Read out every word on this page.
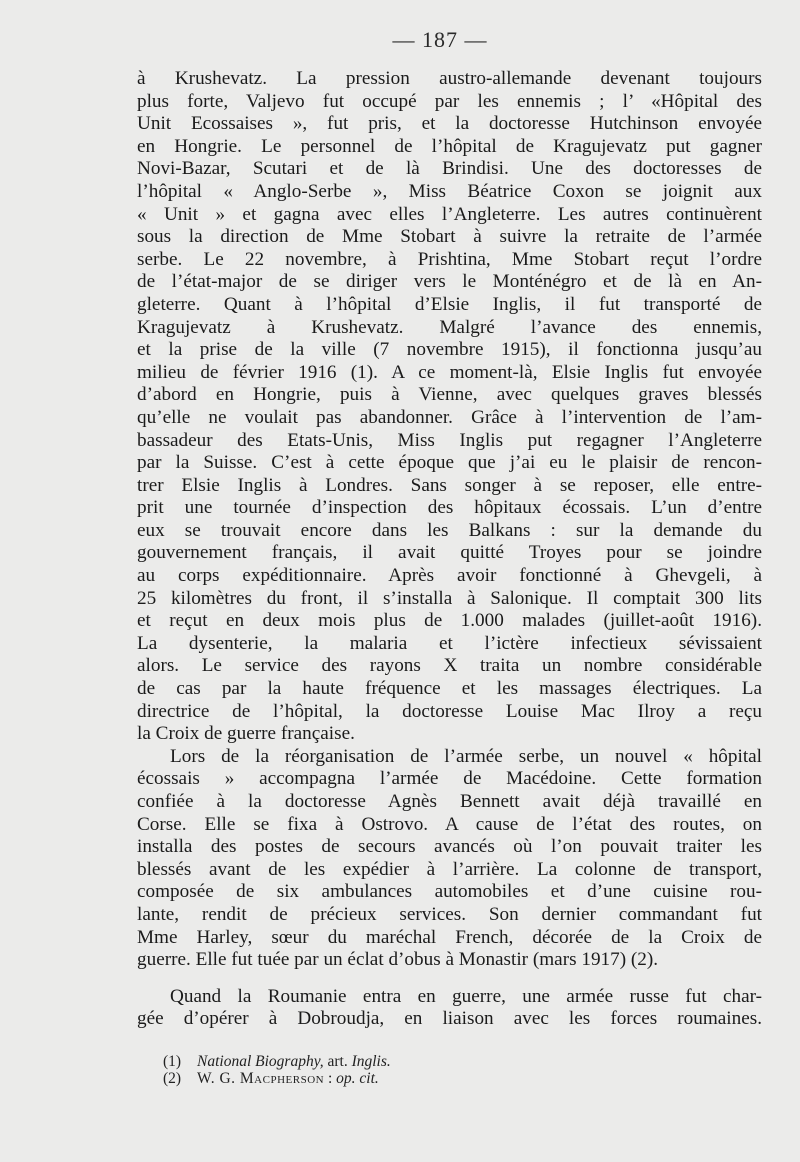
— 187 —
à Krushevatz. La pression austro-allemande devenant toujours
plus forte, Valjevo fut occupé par les ennemis ; l’ «Hôpital des
Unit Ecossaises », fut pris, et la doctoresse Hutchinson envoyée
en Hongrie. Le personnel de l’hôpital de Kragujevatz put gagner
Novi-Bazar, Scutari et de là Brindisi. Une des doctoresses de
l’hôpital « Anglo-Serbe », Miss Béatrice Coxon se joignit aux
« Unit » et gagna avec elles l’Angleterre. Les autres continuèrent
sous la direction de Mme Stobart à suivre la retraite de l’armée
serbe. Le 22 novembre, à Prishtina, Mme Stobart reçut l’ordre
de l’état-major de se diriger vers le Monténégro et de là en An-
gleterre. Quant à l’hôpital d’Elsie Inglis, il fut transporté de
Kragujevatz à Krushevatz. Malgré l’avance des ennemis,
et la prise de la ville (7 novembre 1915), il fonctionna jusqu’au
milieu de février 1916 (1). A ce moment-là, Elsie Inglis fut envoyée
d’abord en Hongrie, puis à Vienne, avec quelques graves blessés
qu’elle ne voulait pas abandonner. Grâce à l’intervention de l’am-
bassadeur des Etats-Unis, Miss Inglis put regagner l’Angleterre
par la Suisse. C’est à cette époque que j’ai eu le plaisir de rencon-
trer Elsie Inglis à Londres. Sans songer à se reposer, elle entre-
prit une tournée d’inspection des hôpitaux écossais. L’un d’entre
eux se trouvait encore dans les Balkans : sur la demande du
gouvernement français, il avait quitté Troyes pour se joindre
au corps expéditionnaire. Après avoir fonctionné à Ghevgeli, à
25 kilomètres du front, il s’installa à Salonique. Il comptait 300 lits
et reçut en deux mois plus de 1.000 malades (juillet-août 1916).
La dysenterie, la malaria et l’ictère infectieux sévissaient
alors. Le service des rayons X traita un nombre considérable
de cas par la haute fréquence et les massages électriques. La
directrice de l’hôpital, la doctoresse Louise Mac Ilroy a reçu
la Croix de guerre française.
Lors de la réorganisation de l’armée serbe, un nouvel « hôpital
écossais » accompagna l’armée de Macédoine. Cette formation
confiée à la doctoresse Agnès Bennett avait déjà travaillé en
Corse. Elle se fixa à Ostrovo. A cause de l’état des routes, on
installa des postes de secours avancés où l’on pouvait traiter les
blessés avant de les expédier à l’arrière. La colonne de transport,
composée de six ambulances automobiles et d’une cuisine rou-
lante, rendit de précieux services. Son dernier commandant fut
Mme Harley, sœur du maréchal French, décorée de la Croix de
guerre. Elle fut tuée par un éclat d’obus à Monastir (mars 1917) (2).
Quand la Roumanie entra en guerre, une armée russe fut char-
gée d’opérer à Dobroudja, en liaison avec les forces roumaines.
(1) National Biography, art. Inglis.
(2) W. G. Macpherson : op. cit.
